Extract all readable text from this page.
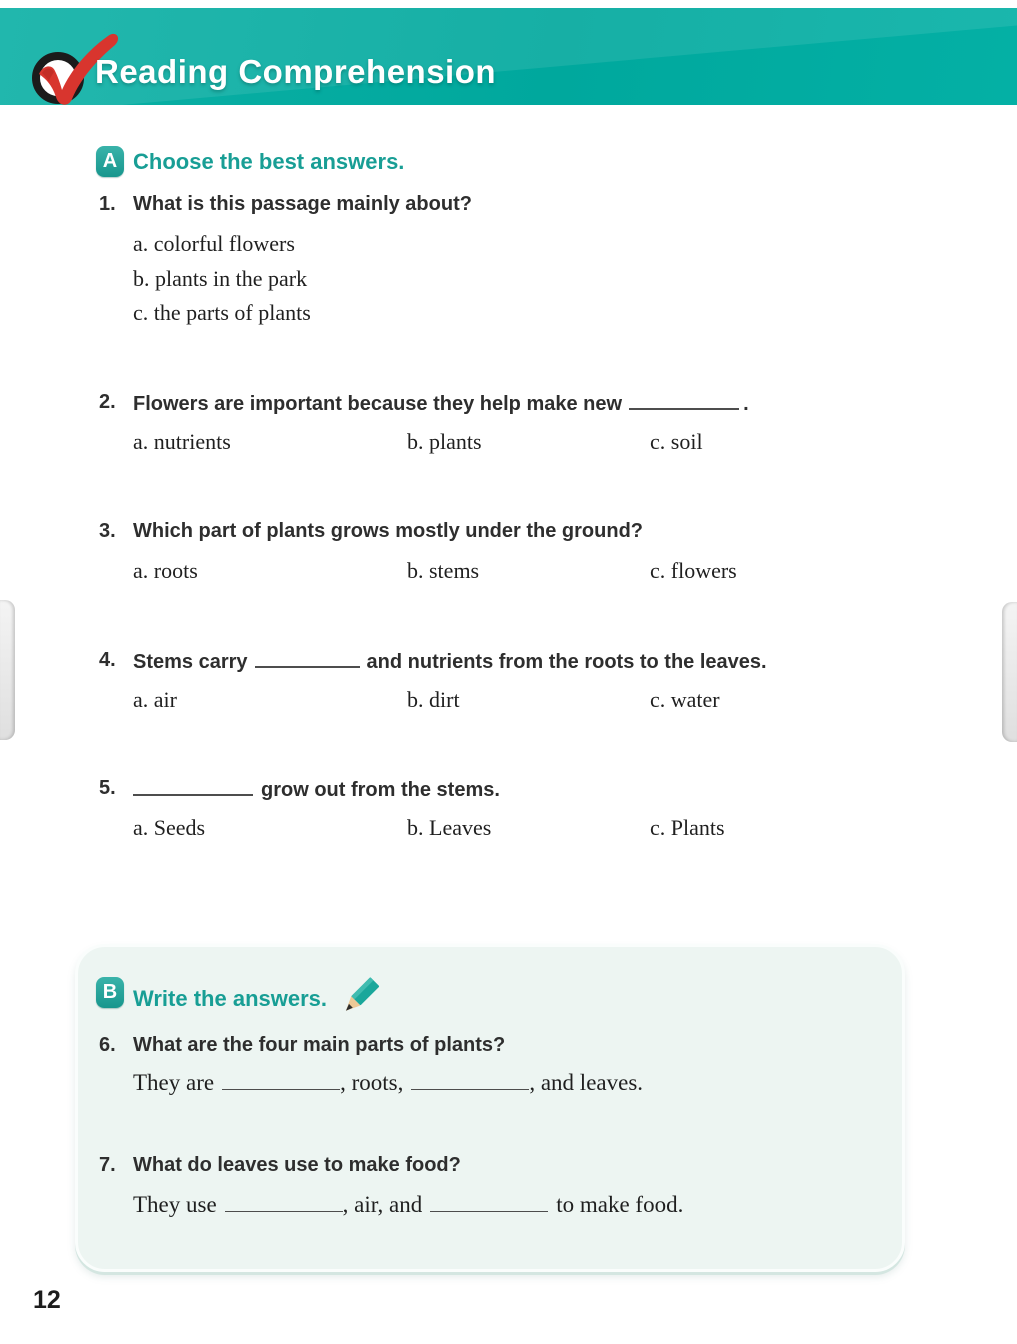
Reading Comprehension
A Choose the best answers.
1. What is this passage mainly about?
a. colorful flowers
b. plants in the park
c. the parts of plants
2. Flowers are important because they help make new	.
a. nutrients	b. plants	c. soil
3. Which part of plants grows mostly under the ground?
a. roots	b. stems	c. flowers
4. Stems carry	and nutrients from the roots to the leaves.
a. air	b. dirt	c. water
5.	grow out from the stems.
a. Seeds	b. Leaves	c. Plants
B Write the answers.
6. What are the four main parts of plants?
They are	, roots,	, and leaves.
7. What do leaves use to make food?
They use	, air, and	to make food.
12
